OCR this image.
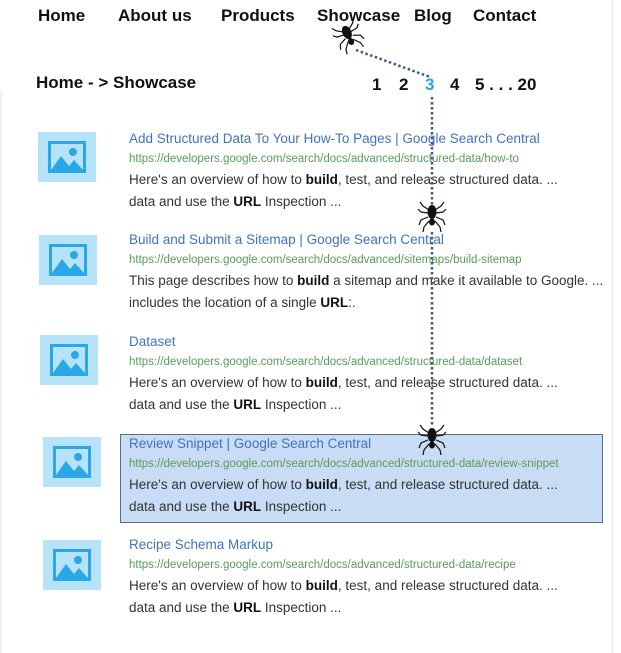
Home About us Products Showcase Blog Contact
Home - > Showcase	1 2 3 4 5 . . . 20
Add Structured Data To Your How-To Pages | Google Search Central
https://developers.google.com/search/docs/advanced/structured-data/how-to
Here's an overview of how to build, test, and release structured data. ...
data and use the URL Inspection ...
Build and Submit a Sitemap | Google Search Central
https://developers.google.com/search/docs/advanced/sitemaps/build-sitemap
This page describes how to build a sitemap and make it available to Google. ...
includes the location of a single URL:.
Dataset
https://developers.google.com/search/docs/advanced/structured-data/dataset
Here's an overview of how to build, test, and release structured data. ...
data and use the URL Inspection ...
Review Snippet | Google Search Central
https://developers.google.com/search/docs/advanced/structured-data/review-snippet
Here's an overview of how to build, test, and release structured data. ...
data and use the URL Inspection ...
Recipe Schema Markup
https://developers.google.com/search/docs/advanced/structured-data/recipe
Here's an overview of how to build, test, and release structured data. ...
data and use the URL Inspection ...
